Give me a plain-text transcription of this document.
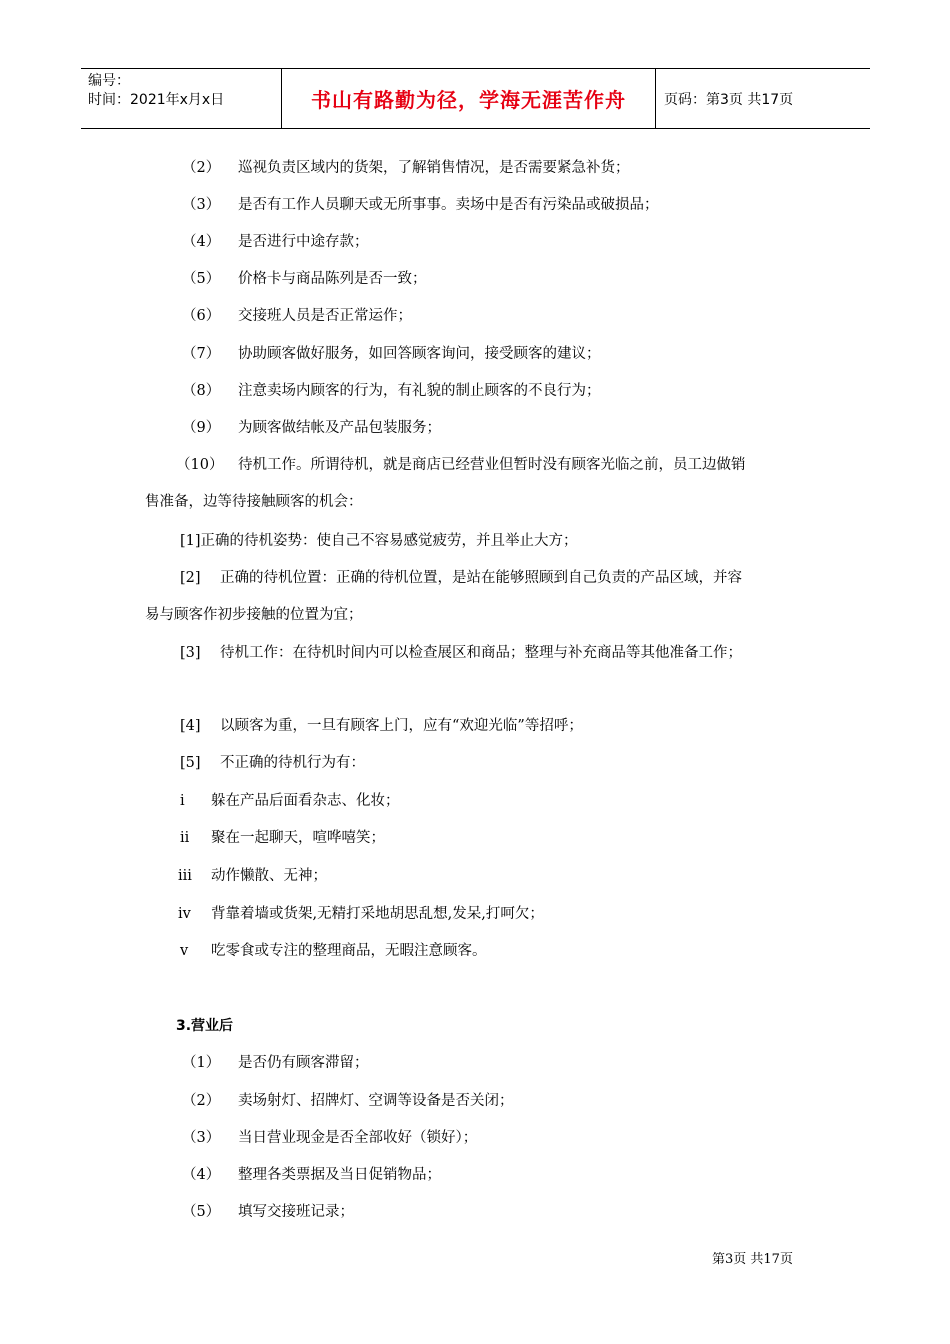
编号：
时间：2021年x月x日	书山有路勤为径，学海无涯苦作舟	页码：第3页 共17页
（2） 巡视负责区域内的货架，了解销售情况，是否需要紧急补货；
（3） 是否有工作人员聊天或无所事事。卖场中是否有污染品或破损品；
（4） 是否进行中途存款；
（5） 价格卡与商品陈列是否一致；
（6） 交接班人员是否正常运作；
（7） 协助顾客做好服务，如回答顾客询问，接受顾客的建议；
（8） 注意卖场内顾客的行为，有礼貌的制止顾客的不良行为；
（9） 为顾客做结帐及产品包装服务；
（10） 待机工作。所谓待机，就是商店已经营业但暂时没有顾客光临之前，员工边做销
售准备，边等待接触顾客的机会：
[1]正确的待机姿势：使自己不容易感觉疲劳，并且举止大方；
[2] 正确的待机位置：正确的待机位置，是站在能够照顾到自己负责的产品区域，并容
易与顾客作初步接触的位置为宜；
[3] 待机工作：在待机时间内可以检查展区和商品；整理与补充商品等其他准备工作；
[4] 以顾客为重，一旦有顾客上门，应有“欢迎光临”等招呼；
[5] 不正确的待机行为有：
i 躲在产品后面看杂志、化妆；
ii 聚在一起聊天，喧哗嘻笑；
iii 动作懒散、无神；
iv 背靠着墙或货架,无精打采地胡思乱想,发呆,打呵欠；
v 吃零食或专注的整理商品，无暇注意顾客。
3.营业后
（1） 是否仍有顾客滞留；
（2） 卖场射灯、招牌灯、空调等设备是否关闭；
（3） 当日营业现金是否全部收好（锁好）；
（4） 整理各类票据及当日促销物品；
（5） 填写交接班记录；
第3页 共17页
